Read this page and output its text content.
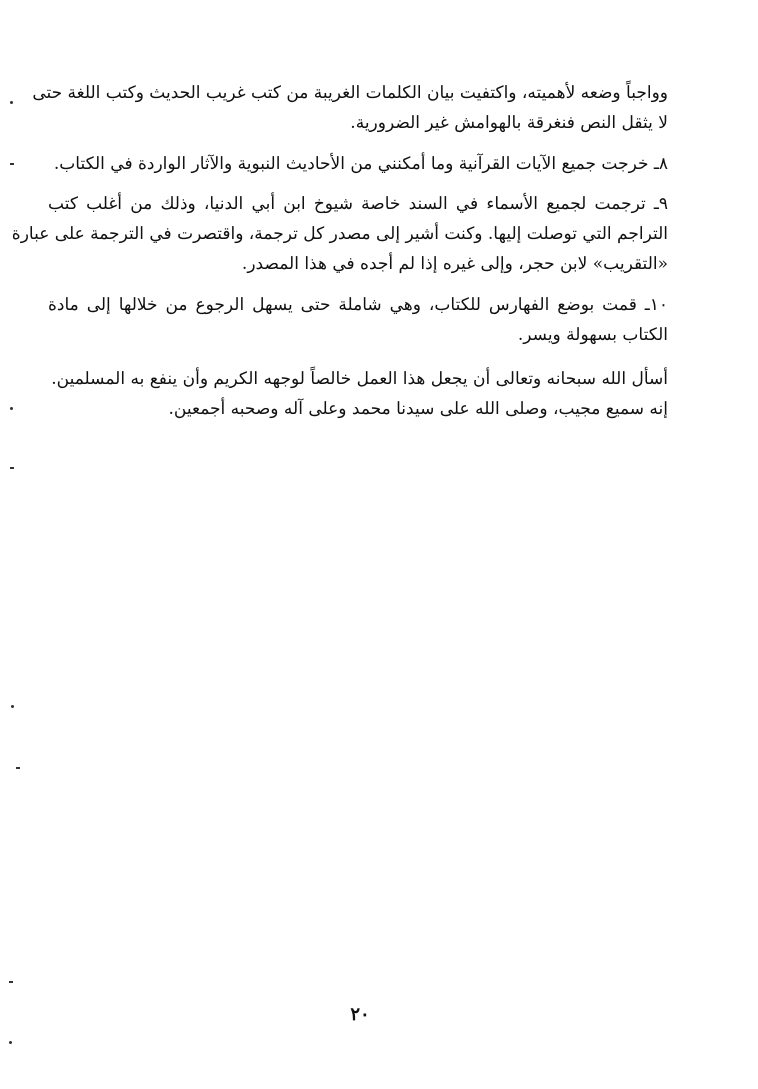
وواجباً وضعه لأهميته، واكتفيت بيان الكلمات الغريبة من كتب غريب الحديث وكتب اللغة حتى
لا يثقل النص فنغرقة بالهوامش غير الضرورية.
٨ـ خرجت جميع الآيات القرآنية وما أمكنني من الأحاديث النبوية والآثار الواردة في الكتاب.
٩ـ ترجمت لجميع الأسماء في السند خاصة شيوخ ابن أبي الدنيا، وذلك من أغلب كتب
التراجم التي توصلت إليها. وكنت أشير إلى مصدر كل ترجمة، واقتصرت في الترجمة على عبارة
«التقريب» لابن حجر، وإلى غيره إذا لم أجده في هذا المصدر.
١٠ـ قمت بوضع الفهارس للكتاب، وهي شاملة حتى يسهل الرجوع من خلالها إلى مادة
الكتاب بسهولة ويسر.
أسأل الله سبحانه وتعالى أن يجعل هذا العمل خالصاً لوجهه الكريم وأن ينفع به المسلمين.
إنه سميع مجيب، وصلى الله على سيدنا محمد وعلى آله وصحبه أجمعين.
٢٠
